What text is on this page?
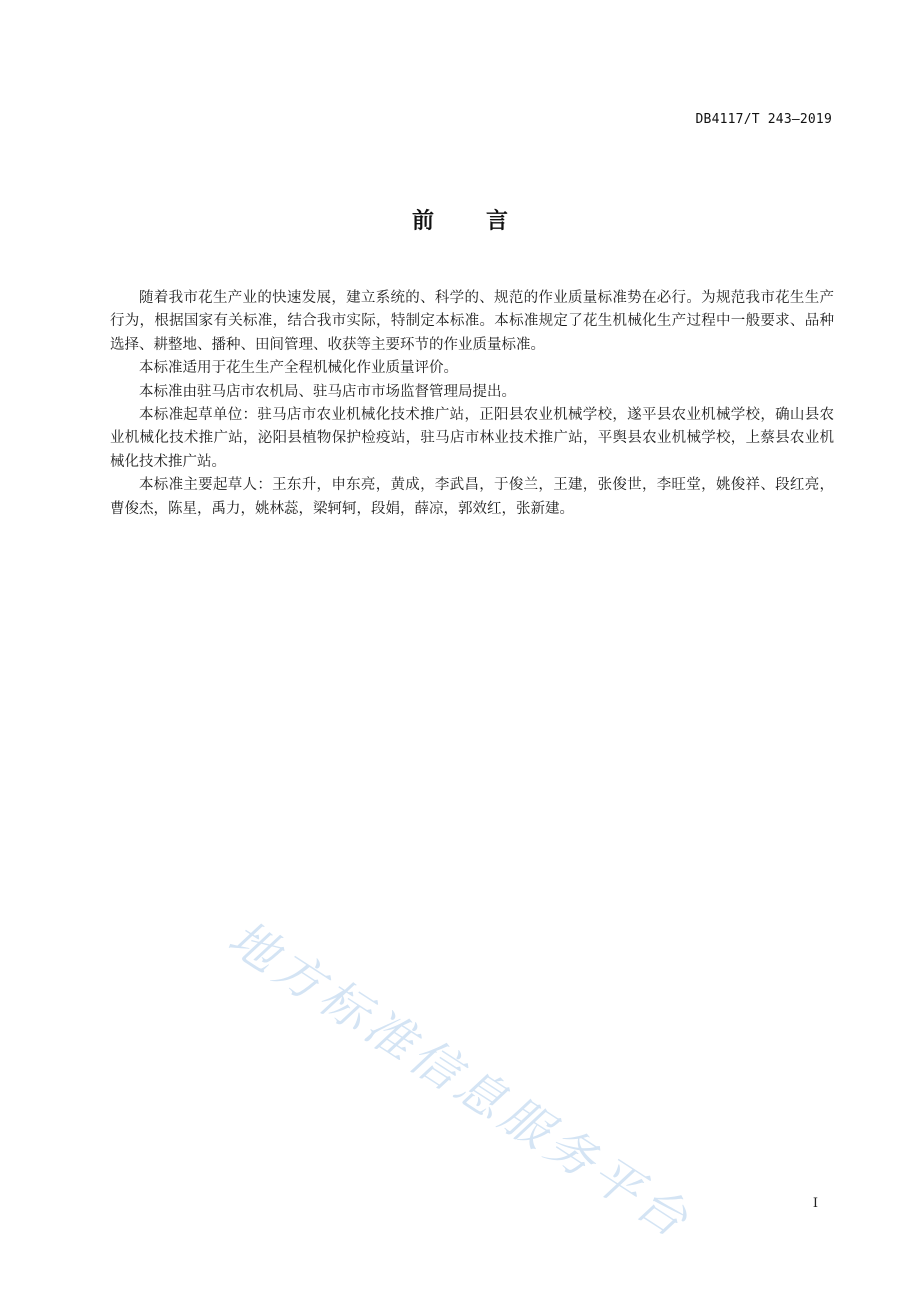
DB4117/T 243—2019
前 言

随着我市花生产业的快速发展，建立系统的、科学的、规范的作业质量标准势在必行。为规范我市花生生产行为，根据国家有关标准，结合我市实际，特制定本标准。本标准规定了花生机械化生产过程中一般要求、品种选择、耕整地、播种、田间管理、收获等主要环节的作业质量标准。

本标准适用于花生生产全程机械化作业质量评价。

本标准由驻马店市农机局、驻马店市市场监督管理局提出。

本标准起草单位：驻马店市农业机械化技术推广站，正阳县农业机械学校，遂平县农业机械学校，确山县农业机械化技术推广站，泌阳县植物保护检疫站，驻马店市林业技术推广站，平舆县农业机械学校，上蔡县农业机械化技术推广站。

本标准主要起草人：王东升，申东亮，黄成，李武昌，于俊兰，王建，张俊世，李旺堂，姚俊祥、段红亮，曹俊杰，陈星，禹力，姚林蕊，梁轲轲，段娟，薛凉，郭效红，张新建。

地方标准信息服务平台	I
